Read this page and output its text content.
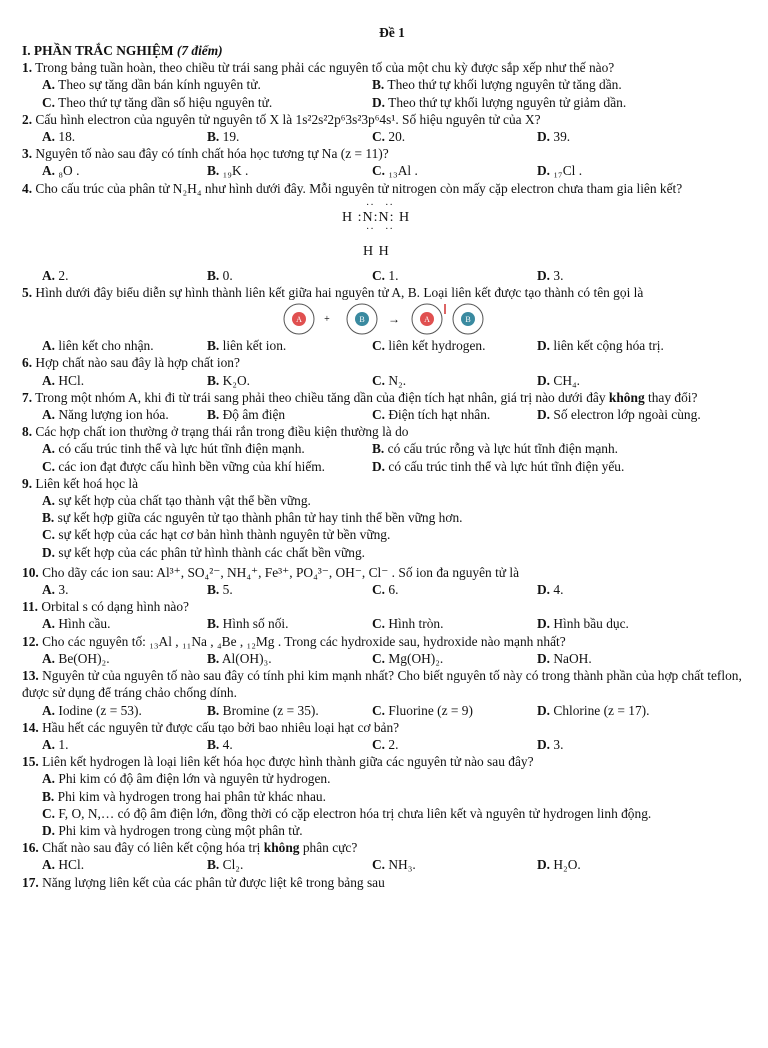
Đề 1
I. PHẦN TRẮC NGHIỆM (7 điểm)
1. Trong bảng tuần hoàn, theo chiều từ trái sang phải các nguyên tố của một chu kỳ được sắp xếp như thế nào?
A. Theo sự tăng dần bán kính nguyên tử.	B. Theo thứ tự khối lượng nguyên tử tăng dần.
C. Theo thứ tự tăng dần số hiệu nguyên tử.	D. Theo thứ tự khối lượng nguyên tử giảm dần.
2. Cấu hình electron của nguyên tử nguyên tố X là 1s²2s²2p⁶3s²3p⁶4s¹. Số hiệu nguyên tử của X?
A. 18.	B. 19.	C. 20.	D. 39.
3. Nguyên tố nào sau đây có tính chất hóa học tương tự Na (z = 11)?
A. ₈O .	B. ₁₉K .	C. ₁₃Al .	D. ₁₇Cl .
4. Cho cấu trúc của phân tử N₂H₄ như hình dưới đây. Mỗi nguyên tử nitrogen còn mấy cặp electron chưa tham gia liên kết?
H :N:N: H
··   ··
··   ··
H H
A. 2.	B. 0.	C. 1.	D. 3.
5. Hình dưới đây biểu diễn sự hình thành liên kết giữa hai nguyên tử A, B. Loại liên kết được tạo thành có tên gọi là
A +	B →	A	B
A. liên kết cho nhận.	B. liên kết ion.	C. liên kết hydrogen.	D. liên kết cộng hóa trị.
6. Hợp chất nào sau đây là hợp chất ion?
A. HCl.	B. K₂O.	C. N₂.	D. CH₄.
7. Trong một nhóm A, khi đi từ trái sang phải theo chiều tăng dần của điện tích hạt nhân, giá trị nào dưới đây không thay đổi?
A. Năng lượng ion hóa.	B. Độ âm điện	C. Điện tích hạt nhân.	D. Số electron lớp ngoài cùng.
8. Các hợp chất ion thường ở trạng thái rắn trong điều kiện thường là do
A. có cấu trúc tinh thể và lực hút tĩnh điện mạnh.	B. có cấu trúc rỗng và lực hút tĩnh điện mạnh.
C. các ion đạt được cấu hình bền vững của khí hiếm.	D. có cấu trúc tinh thể và lực hút tĩnh điện yếu.
9. Liên kết hoá học là
A. sự kết hợp của chất tạo thành vật thể bền vững.
B. sự kết hợp giữa các nguyên tử tạo thành phân tử hay tinh thể bền vững hơn.
C. sự kết hợp của các hạt cơ bản hình thành nguyên tử bền vững.
D. sự kết hợp của các phân tử hình thành các chất bền vững.
10. Cho dãy các ion sau: Al³⁺, SO₄²⁻, NH₄⁺, Fe³⁺, PO₄³⁻, OH⁻, Cl⁻ . Số ion đa nguyên tử là
A. 3.	B. 5.	C. 6.	D. 4.
11. Orbital s có dạng hình nào?
A. Hình cầu.	B. Hình số nối.	C. Hình tròn.	D. Hình bầu dục.
12. Cho các nguyên tố: ₁₃Al , ₁₁Na , ₄Be , ₁₂Mg . Trong các hydroxide sau, hydroxide nào mạnh nhất?
A. Be(OH)₂.	B. Al(OH)₃.	C. Mg(OH)₂.	D. NaOH.
13. Nguyên tử của nguyên tố nào sau đây có tính phi kim mạnh nhất? Cho biết nguyên tố này có trong thành phần của hợp chất teflon, được sử dụng để tráng chảo chống dính.
A. Iodine (z = 53).	B. Bromine (z = 35).	C. Fluorine (z = 9)	D. Chlorine (z = 17).
14. Hầu hết các nguyên tử được cấu tạo bởi bao nhiêu loại hạt cơ bản?
A. 1.	B. 4.	C. 2.	D. 3.
15. Liên kết hydrogen là loại liên kết hóa học được hình thành giữa các nguyên tử nào sau đây?
A. Phi kim có độ âm điện lớn và nguyên tử hydrogen.
B. Phi kim và hydrogen trong hai phân tử khác nhau.
C. F, O, N,… có độ âm điện lớn, đồng thời có cặp electron hóa trị chưa liên kết và nguyên tử hydrogen linh động.
D. Phi kim và hydrogen trong cùng một phân tử.
16. Chất nào sau đây có liên kết cộng hóa trị không phân cực?
A. HCl.	B. Cl₂.	C. NH₃.	D. H₂O.
17. Năng lượng liên kết của các phân tử được liệt kê trong bảng sau
